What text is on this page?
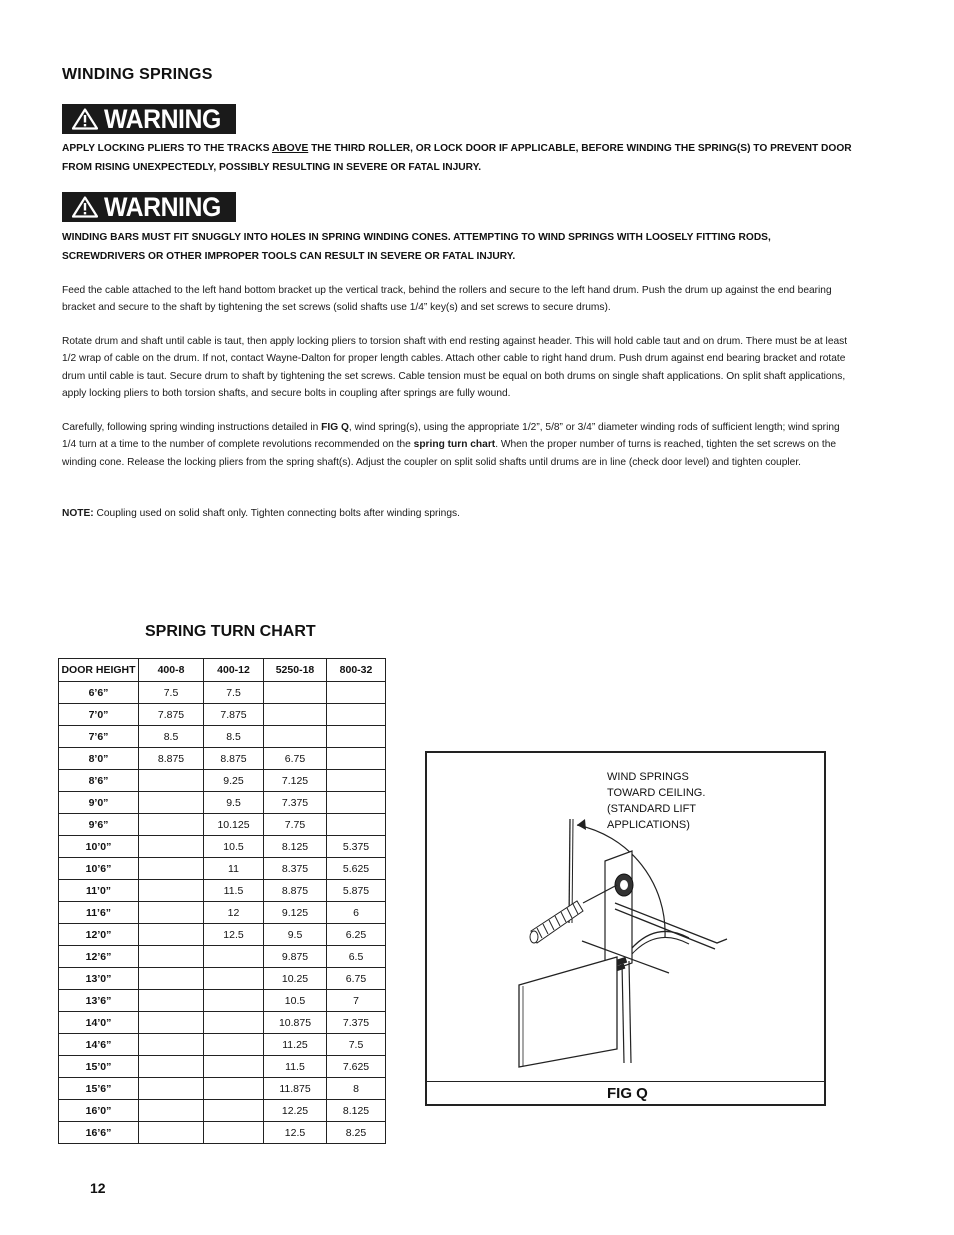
WINDING SPRINGS
WARNING
APPLY LOCKING PLIERS TO THE TRACKS ABOVE THE THIRD ROLLER, OR LOCK DOOR IF APPLICABLE, BEFORE WINDING THE SPRING(S) TO PREVENT DOOR FROM RISING UNEXPECTEDLY, POSSIBLY RESULTING IN SEVERE OR FATAL INJURY.
WARNING
WINDING BARS MUST FIT SNUGGLY INTO HOLES IN SPRING WINDING CONES. ATTEMPTING TO WIND SPRINGS WITH LOOSELY FITTING RODS, SCREWDRIVERS OR OTHER IMPROPER TOOLS CAN RESULT IN SEVERE OR FATAL INJURY.
Feed the cable attached to the left hand bottom bracket up the vertical track, behind the rollers and secure to the left hand drum. Push the drum up against the end bearing bracket and secure to the shaft by tightening the set screws (solid shafts use 1/4” key(s) and set screws to secure drums).
Rotate drum and shaft until cable is taut, then apply locking pliers to torsion shaft with end resting against header. This will hold cable taut and on drum. There must be at least 1/2 wrap of cable on the drum. If not, contact Wayne-Dalton for proper length cables. Attach other cable to right hand drum. Push drum against end bearing bracket and rotate drum until cable is taut. Secure drum to shaft by tightening the set screws. Cable tension must be equal on both drums on single shaft applications. On split shaft applications, apply locking pliers to both torsion shafts, and secure bolts in coupling after springs are fully wound.
Carefully, following spring winding instructions detailed in FIG Q, wind spring(s), using the appropriate 1/2”, 5/8” or 3/4” diameter winding rods of sufficient length; wind spring 1/4 turn at a time to the number of complete revolutions recommended on the spring turn chart. When the proper number of turns is reached, tighten the set screws on the winding cone. Release the locking pliers from the spring shaft(s). Adjust the coupler on split solid shafts until drums are in line (check door level) and tighten coupler.
NOTE: Coupling used on solid shaft only. Tighten connecting bolts after winding springs.
SPRING TURN CHART
DOOR HEIGHT	400-8	400-12	5250-18	800-32
6’6”	7.5	7.5		
7’0”	7.875	7.875		
7’6”	8.5	8.5		
8’0”	8.875	8.875	6.75	
8’6”		9.25	7.125	
9’0”		9.5	7.375	
9’6”		10.125	7.75	
10’0”		10.5	8.125	5.375
10’6”		11	8.375	5.625
11’0”		11.5	8.875	5.875
11’6”		12	9.125	6
12’0”		12.5	9.5	6.25
12’6”			9.875	6.5
13’0”			10.25	6.75
13’6”			10.5	7
14’0”			10.875	7.375
14’6”			11.25	7.5
15’0”			11.5	7.625
15’6”			11.875	8
16’0”			12.25	8.125
16’6”			12.5	8.25
WIND SPRINGS
TOWARD CEILING.
(STANDARD LIFT
APPLICATIONS)
FIG Q
12
